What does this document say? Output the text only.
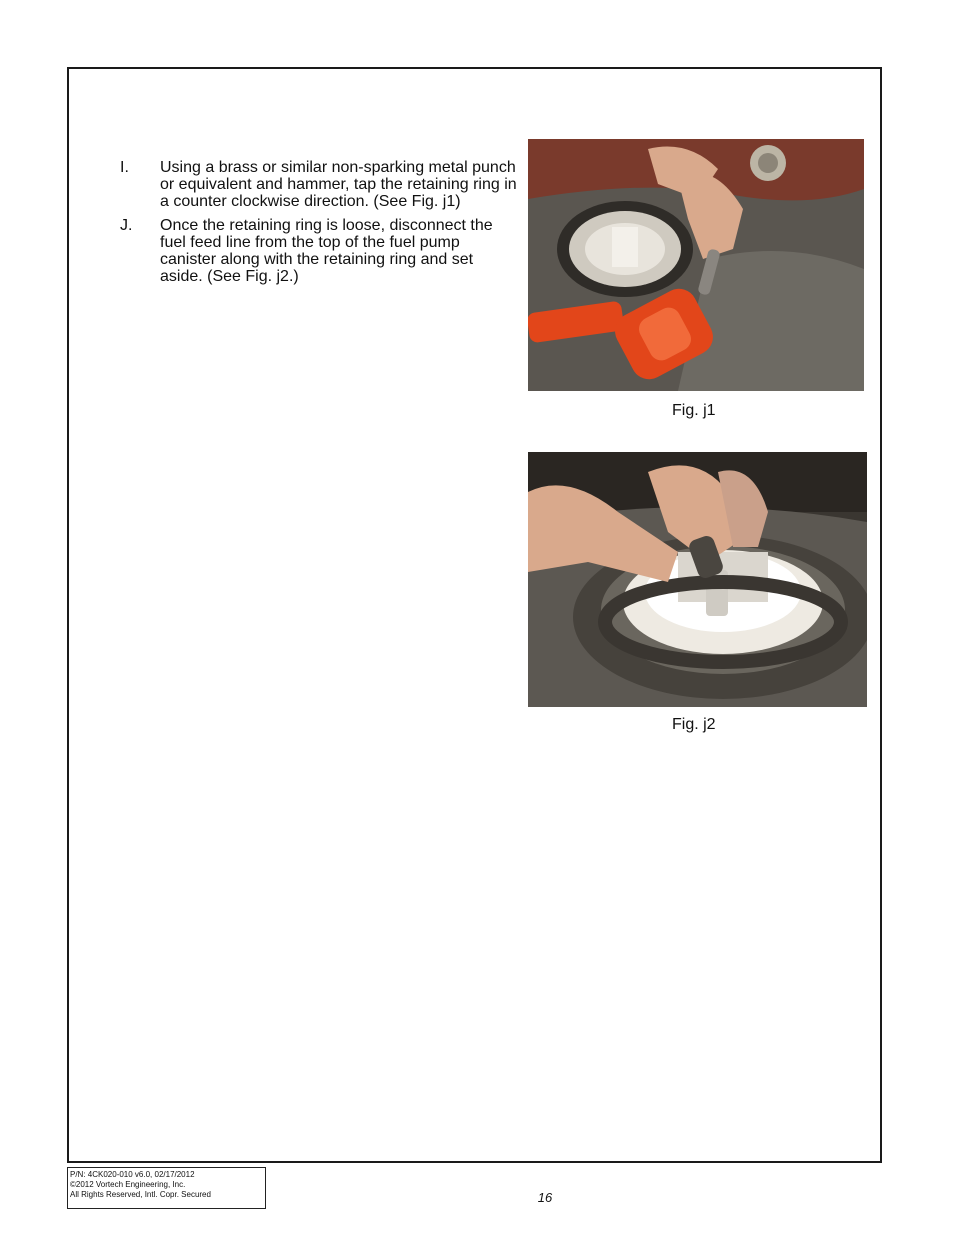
I. Using a brass or similar non-sparking metal punch or equivalent and hammer, tap the retaining ring in a counter clockwise direction. (See Fig. j1)
J. Once the retaining ring is loose, disconnect the fuel feed line from the top of the fuel pump canister along with the retaining ring and set aside. (See Fig. j2.)
Fig. j1
Fig. j2
P/N: 4CK020-010 v6.0, 02/17/2012
©2012 Vortech Engineering, Inc.
All Rights Reserved, Intl. Copr. Secured	16
